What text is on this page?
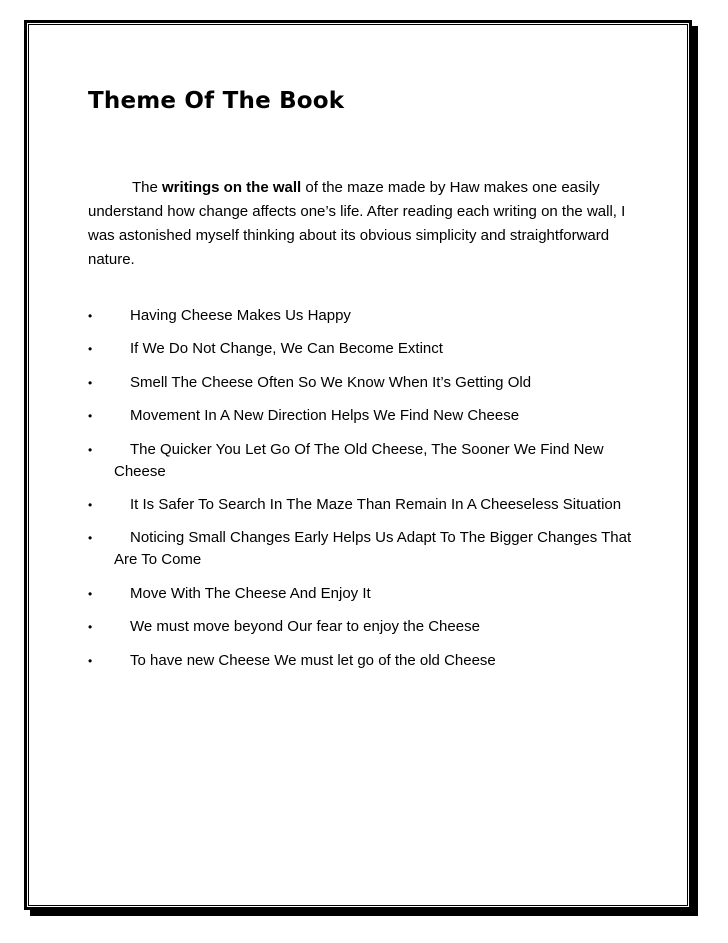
Theme Of The Book

The writings on the wall of the maze made by Haw makes one easily understand how change affects one’s life. After reading each writing on the wall, I was astonished myself thinking about its obvious simplicity and straightforward nature.

•	Having Cheese Makes Us Happy
•	If We Do Not Change, We Can Become Extinct
•	Smell The Cheese Often So We Know When It’s Getting Old
•	Movement In A New Direction Helps We Find New Cheese
•	The Quicker You Let Go Of The Old Cheese, The Sooner We Find New Cheese
•	It Is Safer To Search In The Maze Than Remain In A Cheeseless Situation
•	Noticing Small Changes Early Helps Us Adapt To The Bigger Changes That Are To Come
•	Move With The Cheese And Enjoy It
•	We must move beyond Our fear to enjoy the Cheese
•	To have new Cheese We must let go of the old Cheese
